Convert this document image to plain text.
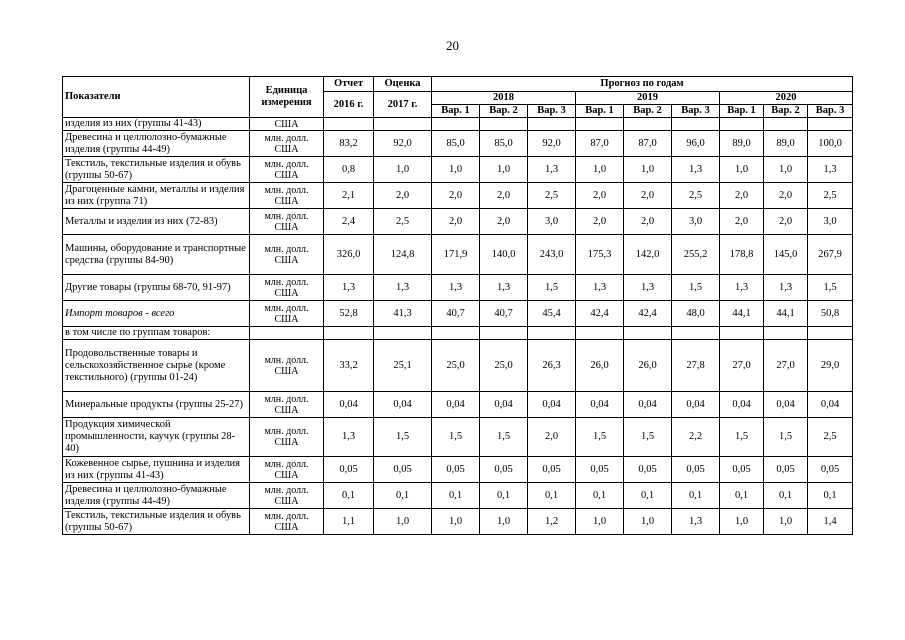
20
Показатели	Единица измерения	Отчет	Оценка	Прогноз по годам								
		2016 г.	2017 г.	2018			2019			2020		
				Вар. 1	Вар. 2	Вар. 3	Вар. 1	Вар. 2	Вар. 3	Вар. 1	Вар. 2	Вар. 3
изделия из них (группы 41-43)	США											
Древесина и целлюлозно-бумажные изделия (группы 44-49)	млн. долл. США	83,2	92,0	85,0	85,0	92,0	87,0	87,0	96,0	89,0	89,0	100,0
Текстиль, текстильные изделия и обувь (группы 50-67)	млн. долл. США	0,8	1,0	1,0	1,0	1,3	1,0	1,0	1,3	1,0	1,0	1,3
Драгоценные камни, металлы и изделия из них (группа 71)	млн. долл. США	2,1	2,0	2,0	2,0	2,5	2,0	2,0	2,5	2,0	2,0	2,5
Металлы и изделия из них (72-83)	млн. долл. США	2,4	2,5	2,0	2,0	3,0	2,0	2,0	3,0	2,0	2,0	3,0
Машины, оборудование и транспортные средства (группы 84-90)	млн. долл. США	326,0	124,8	171,9	140,0	243,0	175,3	142,0	255,2	178,8	145,0	267,9
Другие товары (группы 68-70, 91-97)	млн. долл. США	1,3	1,3	1,3	1,3	1,5	1,3	1,3	1,5	1,3	1,3	1,5
Импорт товаров - всего	млн. долл. США	52,8	41,3	40,7	40,7	45,4	42,4	42,4	48,0	44,1	44,1	50,8
в том числе по группам товаров:												
Продовольственные товары и сельскохозяйственное сырье (кроме текстильного) (группы 01-24)	млн. долл. США	33,2	25,1	25,0	25,0	26,3	26,0	26,0	27,8	27,0	27,0	29,0
Минеральные продукты (группы 25-27)	млн. долл. США	0,04	0,04	0,04	0,04	0,04	0,04	0,04	0,04	0,04	0,04	0,04
Продукция химической промышленности, каучук (группы 28-40)	млн. долл. США	1,3	1,5	1,5	1,5	2,0	1,5	1,5	2,2	1,5	1,5	2,5
Кожевенное сырье, пушнина и изделия из них (группы 41-43)	млн. долл. США	0,05	0,05	0,05	0,05	0,05	0,05	0,05	0,05	0,05	0,05	0,05
Древесина и целлюлозно-бумажные изделия (группы 44-49)	млн. долл. США	0,1	0,1	0,1	0,1	0,1	0,1	0,1	0,1	0,1	0,1	0,1
Текстиль, текстильные изделия и обувь (группы 50-67)	млн. долл. США	1,1	1,0	1,0	1,0	1,2	1,0	1,0	1,3	1,0	1,0	1,4
